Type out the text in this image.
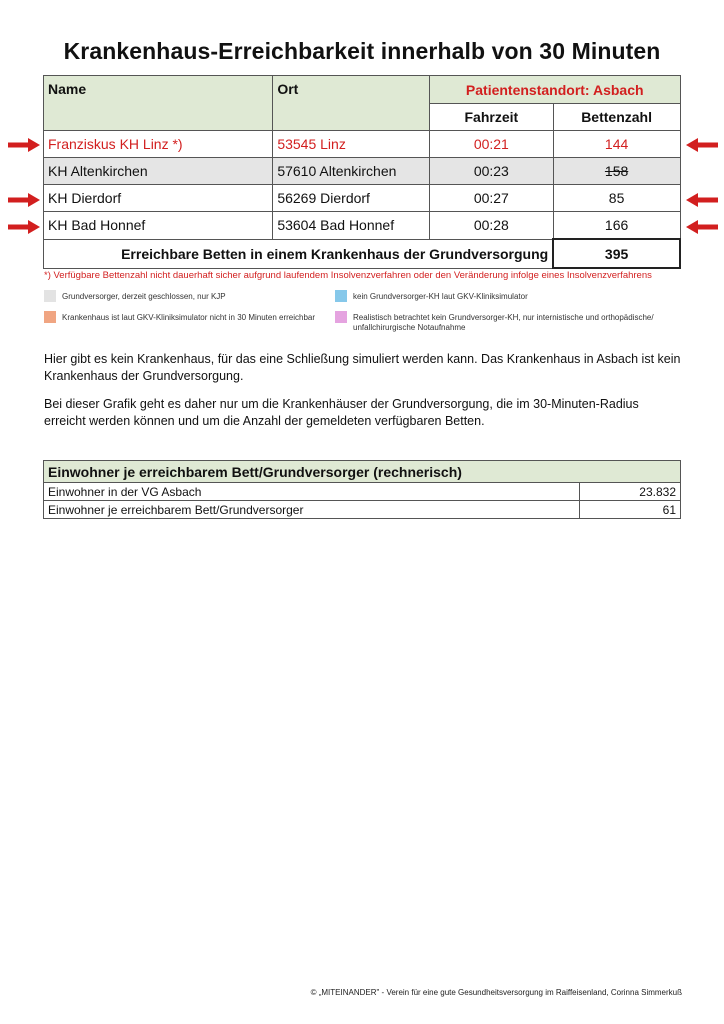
Krankenhaus-Erreichbarkeit innerhalb von 30 Minuten
Name	Ort	Patientenstandort: Asbach	
		Fahrzeit	Bettenzahl
Franziskus KH Linz *)	53545 Linz	00:21	144
KH Altenkirchen	57610 Altenkirchen	00:23	158
KH Dierdorf	56269 Dierdorf	00:27	85
KH Bad Honnef	53604 Bad Honnef	00:28	166
Erreichbare Betten in einem Krankenhaus der Grundversorgung			395
*) Verfügbare Bettenzahl nicht dauerhaft sicher aufgrund laufendem Insolvenzverfahren oder den Veränderung infolge eines Insolvenzverfahrens
Grundversorger, derzeit geschlossen, nur KJP	kein Grundversorger-KH laut GKV-Kliniksimulator
Krankenhaus ist laut GKV-Kliniksimulator nicht in 30 Minuten erreichbar	Realistisch betrachtet kein Grundversorger-KH, nur internistische und orthopädische/
unfallchirurgische Notaufnahme
Hier gibt es kein Krankenhaus, für das eine Schließung simuliert werden kann. Das Krankenhaus in Asbach ist kein
Krankenhaus der Grundversorgung.
Bei dieser Grafik geht es daher nur um die Krankenhäuser der Grundversorgung, die im 30-Minuten-Radius
erreicht werden können und um die Anzahl der gemeldeten verfügbaren Betten.
Einwohner je erreichbarem Bett/Grundversorger (rechnerisch)	
Einwohner in der VG Asbach	23.832
Einwohner je erreichbarem Bett/Grundversorger	61
© „MITEINANDER" - Verein für eine gute Gesundheitsversorgung im Raiffeisenland, Corinna Simmerkuß
